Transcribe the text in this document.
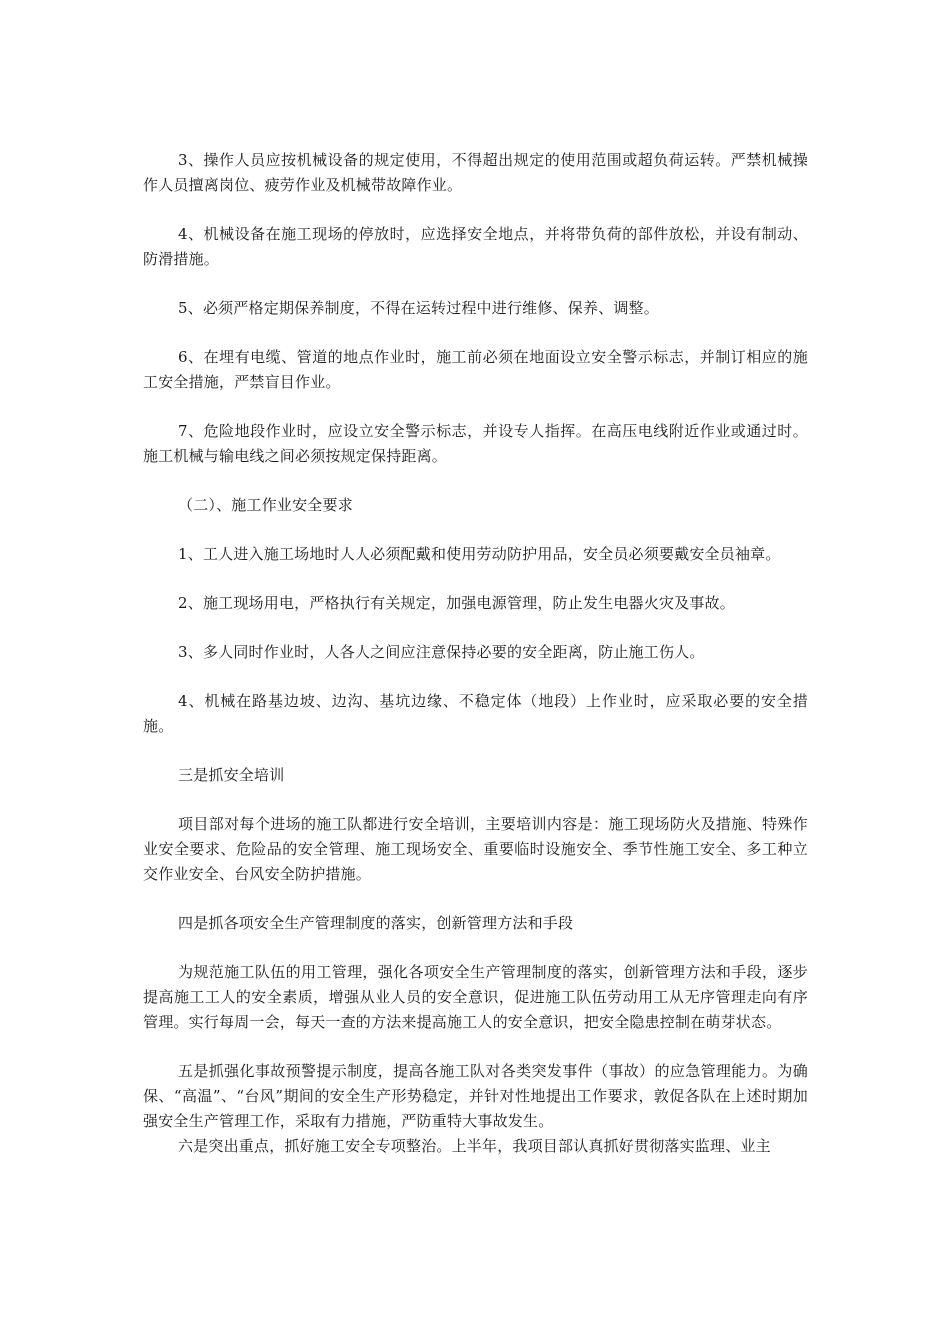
3、操作人员应按机械设备的规定使用，不得超出规定的使用范围或超负荷运转。严禁机械操作人员擅离岗位、疲劳作业及机械带故障作业。

4、机械设备在施工现场的停放时，应选择安全地点，并将带负荷的部件放松，并设有制动、防滑措施。

5、必须严格定期保养制度，不得在运转过程中进行维修、保养、调整。

6、在埋有电缆、管道的地点作业时，施工前必须在地面设立安全警示标志，并制订相应的施工安全措施，严禁盲目作业。

7、危险地段作业时，应设立安全警示标志，并设专人指挥。在高压电线附近作业或通过时。施工机械与输电线之间必须按规定保持距离。

（二）、施工作业安全要求

1、工人进入施工场地时人人必须配戴和使用劳动防护用品，安全员必须要戴安全员袖章。

2、施工现场用电，严格执行有关规定，加强电源管理，防止发生电器火灾及事故。

3、多人同时作业时，人各人之间应注意保持必要的安全距离，防止施工伤人。

4、机械在路基边坡、边沟、基坑边缘、不稳定体（地段）上作业时，应采取必要的安全措施。

三是抓安全培训

项目部对每个进场的施工队都进行安全培训，主要培训内容是：施工现场防火及措施、特殊作业安全要求、危险品的安全管理、施工现场安全、重要临时设施安全、季节性施工安全、多工种立交作业安全、台风安全防护措施。

四是抓各项安全生产管理制度的落实，创新管理方法和手段

为规范施工队伍的用工管理，强化各项安全生产管理制度的落实，创新管理方法和手段，逐步提高施工工人的安全素质，增强从业人员的安全意识，促进施工队伍劳动用工从无序管理走向有序管理。实行每周一会，每天一查的方法来提高施工人的安全意识，把安全隐患控制在萌芽状态。

五是抓强化事故预警提示制度，提高各施工队对各类突发事件（事故）的应急管理能力。为确保、“高温”、“台风”期间的安全生产形势稳定，并针对性地提出工作要求，敦促各队在上述时期加强安全生产管理工作，采取有力措施，严防重特大事故发生。

六是突出重点，抓好施工安全专项整治。上半年，我项目部认真抓好贯彻落实监理、业主
